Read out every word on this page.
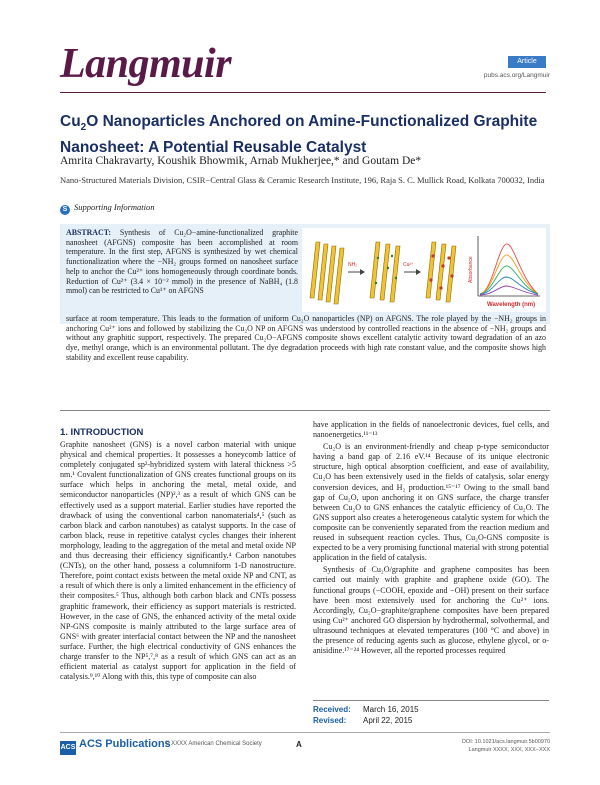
Langmuir	Article
pubs.acs.org/Langmuir
$Cu_2O$ Nanoparticles Anchored on Amine-Functionalized Graphite Nanosheet: A Potential Reusable Catalyst
Amrita Chakravarty, Koushik Bhowmik, Arnab Mukherjee,* and Goutam De*
Nano-Structured Materials Division, CSIR−Central Glass & Ceramic Research Institute, 196, Raja S. C. Mullick Road, Kolkata 700032, India
S Supporting Information
ABSTRACT: Synthesis of Cu₂O−amine-functionalized graphite nanosheet (AFGNS) composite has been accomplished at room temperature. In the first step, AFGNS is synthesized by wet chemical functionalization where the −NH₂ groups formed on nanosheet surface help to anchor the Cu²⁺ ions homogeneously through coordinate bonds. Reduction of Cu²⁺ (3.4 × 10⁻² mmol) in the presence of NaBH₄ (1.8 mmol) can be restricted to Cu¹⁺ on AFGNS
NH₂	Cu²⁺	Absorbance
Wavelength (nm)
surface at room temperature. This leads to the formation of uniform Cu₂O nanoparticles (NP) on AFGNS. The role played by the −NH₂ groups in anchoring Cu²⁺ ions and followed by stabilizing the Cu₂O NP on AFGNS was understood by controlled reactions in the absence of −NH₂ groups and without any graphitic support, respectively. The prepared Cu₂O−AFGNS composite shows excellent catalytic activity toward degradation of an azo dye, methyl orange, which is an environmental pollutant. The dye degradation proceeds with high rate constant value, and the composite shows high stability and excellent reuse capability.
1. INTRODUCTION

Graphite nanosheet (GNS) is a novel carbon material with unique physical and chemical properties. It possesses a honeycomb lattice of completely conjugated sp²-hybridized system with lateral thickness >5 nm.¹ Covalent functionalization of GNS creates functional groups on its surface which helps in anchoring the metal, metal oxide, and semiconductor nanoparticles (NP)²,³ as a result of which GNS can be effectively used as a support material. Earlier studies have reported the drawback of using the conventional carbon nanomaterials⁴,⁵ (such as carbon black and carbon nanotubes) as catalyst supports. In the case of carbon black, reuse in repetitive catalyst cycles changes their inherent morphology, leading to the aggregation of the metal and metal oxide NP and thus decreasing their efficiency significantly.⁴ Carbon nanotubes (CNTs), on the other hand, possess a columniform 1-D nanostructure. Therefore, point contact exists between the metal oxide NP and CNT, as a result of which there is only a limited enhancement in the efficiency of their composites.⁵ Thus, although both carbon black and CNTs possess graphitic framework, their efficiency as support materials is restricted. However, in the case of GNS, the enhanced activity of the metal oxide NP-GNS composite is mainly attributed to the large surface area of GNS⁶ with greater interfacial contact between the NP and the nanosheet surface. Further, the high electrical conductivity of GNS enhances the charge transfer to the NP⁵,⁷,⁸ as a result of which GNS can act as an efficient material as catalyst support for application in the field of catalysis.⁹,¹⁰ Along with this, this type of composite can also

have application in the fields of nanoelectronic devices, fuel cells, and nanoenergetics.¹¹⁻¹³

Cu₂O is an environment-friendly and cheap p-type semiconductor having a band gap of 2.16 eV.¹⁴ Because of its unique electronic structure, high optical absorption coefficient, and ease of availability, Cu₂O has been extensively used in the fields of catalysis, solar energy conversion devices, and H₂ production.¹⁵⁻¹⁷ Owing to the small band gap of Cu₂O, upon anchoring it on GNS surface, the charge transfer between Cu₂O to GNS enhances the catalytic efficiency of Cu₂O. The GNS support also creates a heterogeneous catalytic system for which the composite can be conveniently separated from the reaction medium and reused in subsequent reaction cycles. Thus, Cu₂O-GNS composite is expected to be a very promising functional material with strong potential application in the field of catalysis.

Synthesis of Cu₂O/graphite and graphene composites has been carried out mainly with graphite and graphene oxide (GO). The functional groups (−COOH, epoxide and −OH) present on their surface have been most extensively used for anchoring the Cu²⁺ ions. Accordingly, Cu₂O−graphite/graphene composites have been prepared using Cu²⁺ anchored GO dispersion by hydrothermal, solvothermal, and ultrasound techniques at elevated temperatures (100 °C and above) in the presence of reducing agents such as glucose, ethylene glycol, or o-anisidine.¹⁷⁻²⁴ However, all the reported processes required

Received: March 16, 2015
Revised: April 22, 2015
ACS ACS Publications
© XXXX American Chemical Society	A	DOI: 10.1021/acs.langmuir.5b00970
Langmuir XXXX, XXX, XXX−XXX
